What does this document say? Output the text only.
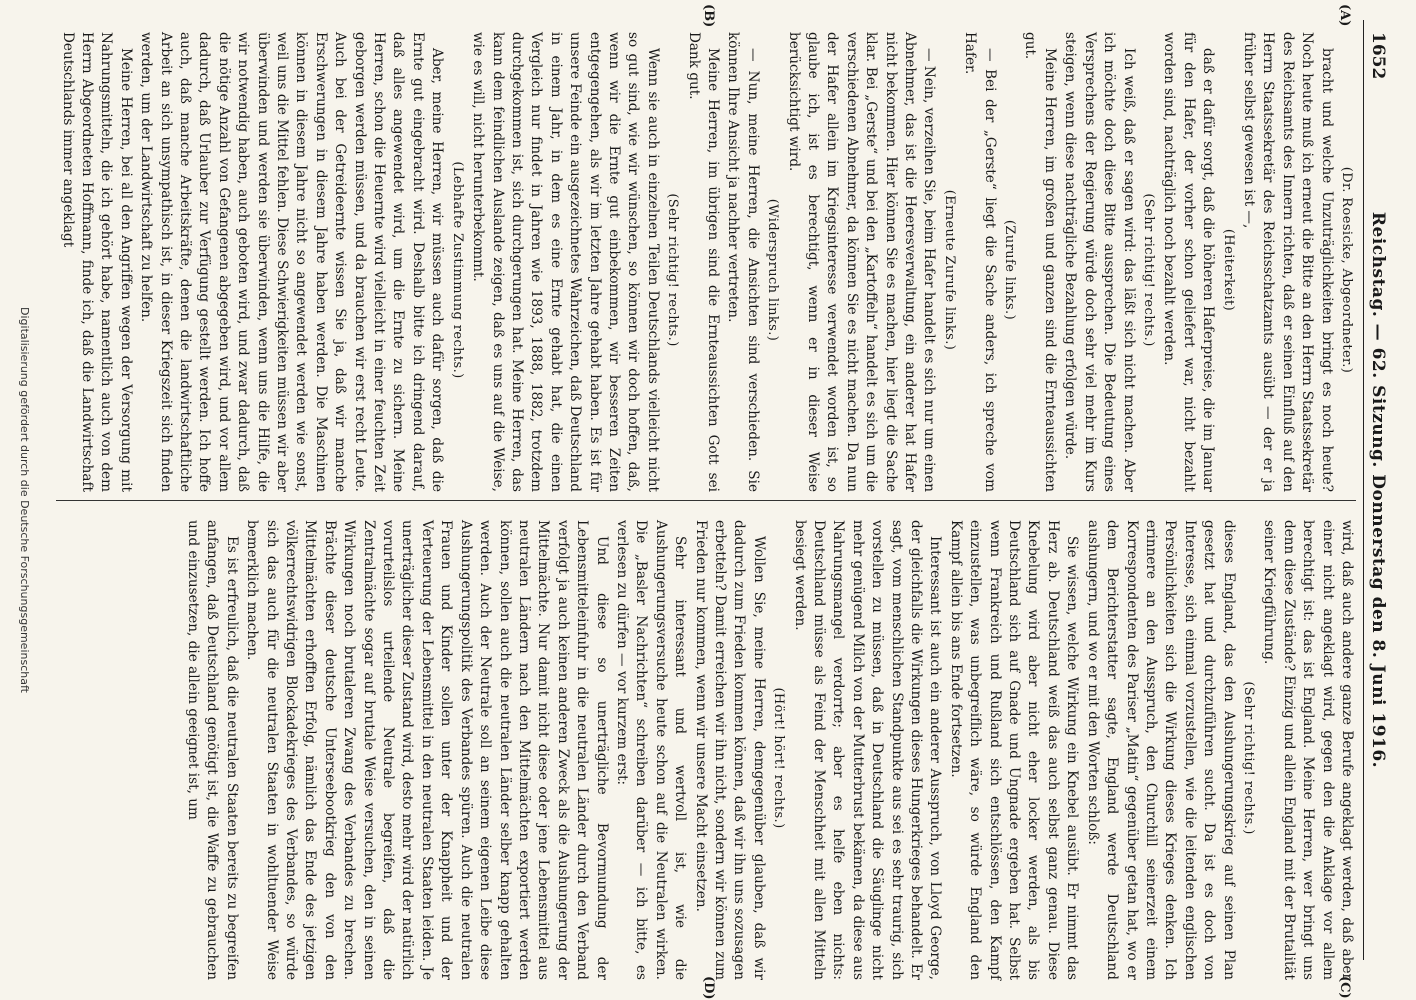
1652
Reichstag. — 62. Sitzung. Donnerstag den 8. Juni 1916.
(A)
(B)
(C)
(D)

(Dr. Roesicke, Abgeordneter.)

bracht und welche Unzuträglichkeiten bringt es noch heute? Noch heute muß ich erneut die Bitte an den Herrn Staatssekretär des Reichsamts des Innern richten, daß er seinen Einfluß auf den Herrn Staatssekretär des Reichsschatzamts ausübt — der er ja früher selbst gewesen ist —,

(Heiterkeit)

daß er dafür sorgt, daß die höheren Haferpreise, die im Januar für den Hafer, der vorher schon geliefert war, nicht bezahlt worden sind, nachträglich noch bezahlt werden.

(Sehr richtig! rechts.)

Ich weiß, daß er sagen wird: das läßt sich nicht machen. Aber ich möchte doch diese Bitte aussprechen. Die Bedeutung eines Versprechens der Regierung würde doch sehr viel mehr im Kurs steigen, wenn diese nachträgliche Bezahlung erfolgen würde.

Meine Herren, im großen und ganzen sind die Ernteaussichten gut.

(Zurufe links.)

— Bei der „Gerste“ liegt die Sache anders, ich spreche vom Hafer.

(Erneute Zurufe links.)

— Nein, verzeihen Sie, beim Hafer handelt es sich nur um einen Abnehmer, das ist die Heeresverwaltung, ein anderer hat Hafer nicht bekommen. Hier können Sie es machen, hier liegt die Sache klar. Bei „Gerste“ und bei den „Kartoffeln“ handelt es sich um die verschiedenen Abnehmer, da können Sie es nicht machen. Da nun der Hafer allein im Kriegsinteresse verwendet worden ist, so glaube ich, ist es berechtigt, wenn er in dieser Weise berücksichtigt wird.

(Widerspruch links.)

— Nun, meine Herren, die Ansichten sind verschieden. Sie können Ihre Ansicht ja nachher vertreten.

Meine Herren, im übrigen sind die Ernteaussichten Gott sei Dank gut.

(Sehr richtig! rechts.)

Wenn sie auch in einzelnen Teilen Deutschlands vielleicht nicht so gut sind, wie wir wünschen, so können wir doch hoffen, daß, wenn wir die Ernte gut einbekommen, wir besseren Zeiten entgegengehen, als wir im letzten Jahre gehabt haben. Es ist für unsere Feinde ein ausgezeichnetes Wahrzeichen, daß Deutschland in einem Jahr, in dem es eine Ernte gehabt hat, die einen Vergleich nur findet in Jahren wie 1893, 1888, 1882, trotzdem durchgekommen ist, sich durchgerungen hat. Meine Herren, das kann dem feindlichen Auslande zeigen, daß es uns auf die Weise, wie es will, nicht herunterbekommt.

(Lebhafte Zustimmung rechts.)

Aber, meine Herren, wir müssen auch dafür sorgen, daß die Ernte gut eingebracht wird. Deshalb bitte ich dringend darauf, daß alles angewendet wird, um die Ernte zu sichern. Meine Herren, schon die Heuernte wird vielleicht in einer feuchten Zeit geborgen werden müssen, und da brauchen wir erst recht Leute. Auch bei der Getreideernte wissen Sie ja, daß wir manche Erschwerungen in diesem Jahre haben werden. Die Maschinen können in diesem Jahre nicht so angewendet werden wie sonst, weil uns die Mittel fehlen. Diese Schwierigkeiten müssen wir aber überwinden und werden sie überwinden, wenn uns die Hilfe, die wir notwendig haben, auch geboten wird, und zwar dadurch, daß die nötige Anzahl von Gefangenen abgegeben wird, und vor allem dadurch, daß Urlauber zur Verfügung gestellt werden. Ich hoffe auch, daß manche Arbeitskräfte, denen die landwirtschaftliche Arbeit an sich unsympathisch ist, in dieser Kriegszeit sich finden werden, um der Landwirtschaft zu helfen.

Meine Herren, bei all den Angriffen wegen der Versorgung mit Nahrungsmitteln, die ich gehört habe, namentlich auch von dem Herrn Abgeordneten Hoffmann, finde ich, daß die Landwirtschaft Deutschlands immer angeklagt

wird, daß auch andere ganze Berufe angeklagt werden, daß aber einer nicht angeklagt wird, gegen den die Anklage vor allem berechtigt ist: das ist England. Meine Herren, wer bringt uns denn diese Zustände? Einzig und allein England mit der Brutalität seiner Kriegführung.

(Sehr richtig! rechts.)

dieses England, das den Aushungerungskrieg auf seinen Plan gesetzt hat und durchzuführen sucht. Da ist es doch von Interesse, sich einmal vorzustellen, wie die leitenden englischen Persönlichkeiten sich die Wirkung dieses Krieges denken. Ich erinnere an den Ausspruch, den Churchill seinerzeit einem Korrespondenten des Pariser „Matin“ gegenüber getan hat, wo er dem Berichterstatter sagte, England werde Deutschland aushungern, und wo er mit den Worten schloß:

Sie wissen, welche Wirkung ein Knebel ausübt. Er nimmt das Herz ab. Deutschland weiß das auch selbst ganz genau. Diese Knebelung wird aber nicht eher locker werden, als bis Deutschland sich auf Gnade und Ungnade ergeben hat. Selbst wenn Frankreich und Rußland sich entschlössen, den Kampf einzustellen, was unbegreiflich wäre, so würde England den Kampf allein bis ans Ende fortsetzen.

Interessant ist auch ein anderer Ausspruch, von Lloyd George, der gleichfalls die Wirkungen dieses Hungerkrieges behandelt. Er sagt, vom menschlichen Standpunkte aus sei es sehr traurig, sich vorstellen zu müssen, daß in Deutschland die Säuglinge nicht mehr genügend Milch von der Mutterbrust bekämen, da diese aus Nahrungsmangel verdorrte; aber es helfe eben nichts: Deutschland müsse als Feind der Menschheit mit allen Mitteln besiegt werden.

(Hört! hört! rechts.)

Wollen Sie, meine Herren, demgegenüber glauben, daß wir dadurch zum Frieden kommen können, daß wir ihn uns sozusagen erbetteln? Damit erreichen wir ihn nicht, sondern wir können zum Frieden nur kommen, wenn wir unsere Macht einsetzen.

Sehr interessant und wertvoll ist, wie die Aushungerungsversuche heute schon auf die Neutralen wirken. Die „Basler Nachrichten“ schreiben darüber — ich bitte, es verlesen zu dürfen — vor kurzem erst:

Und diese so unerträgliche Bevormundung der Lebensmitteleinfuhr in die neutralen Länder durch den Verband verfolgt ja auch keinen anderen Zweck als die Aushungerung der Mittelmächte. Nur damit nicht diese oder jene Lebensmittel aus neutralen Ländern nach den Mittelmächten exportiert werden können, sollen auch die neutralen Länder selber knapp gehalten werden. Auch der Neutrale soll an seinem eigenen Leibe diese Aushungerungspolitik des Verbandes spüren. Auch die neutralen Frauen und Kinder sollen unter der Knappheit und der Verteuerung der Lebensmittel in den neutralen Staaten leiden. Je unerträglicher dieser Zustand wird, desto mehr wird der natürlich vorurteilslos urteilende Neutrale begreifen, daß die Zentralmächte sogar auf brutale Weise versuchen, den in seinen Wirkungen noch brutaleren Zwang des Verbandes zu brechen. Brächte dieser deutsche Unterseebootkrieg den von den Mittelmächten erhofften Erfolg, nämlich das Ende des jetzigen völkerrechtswidrigen Blockadekrieges des Verbandes, so würde sich das auch für die neutralen Staaten in wohltuender Weise bemerklich machen.

Es ist erfreulich, daß die neutralen Staaten bereits zu begreifen anfangen, daß Deutschland genötigt ist, die Waffe zu gebrauchen und einzusetzen, die allein geeignet ist, um

Digitalisierung gefördert durch die Deutsche Forschungsgemeinschaft
